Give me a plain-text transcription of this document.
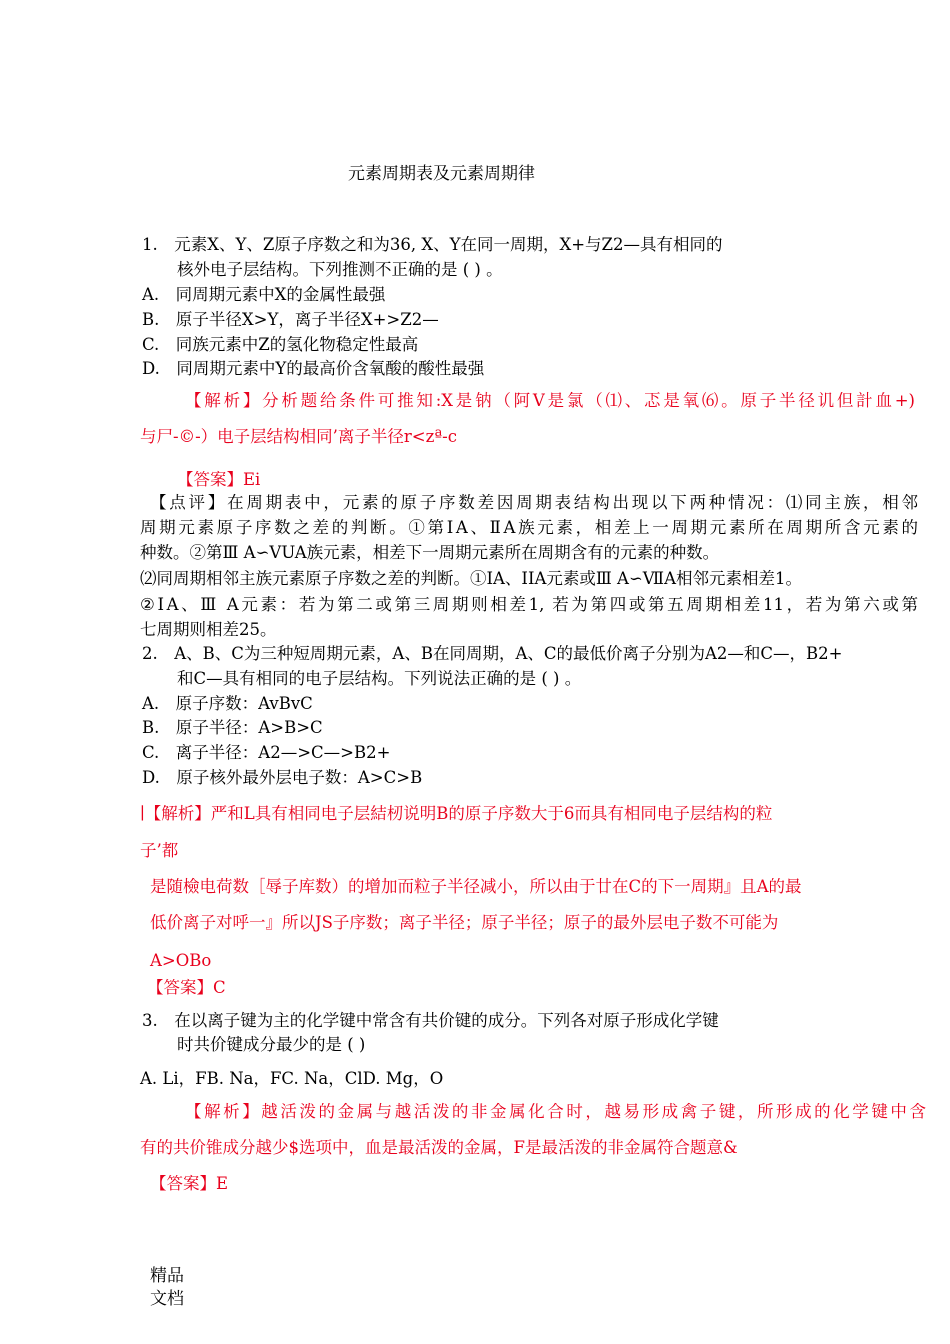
元素周期表及元素周期律
1.　元素X、Y、Z原子序数之和为36, X、Y在同一周期，X+与Z2—具有相同的
核外电子层结构。下列推测不正确的是 ( ) 。
A.　同周期元素中X的金属性最强
B.　原子半径X>Y，离子半径X+>Z2—
C.　同族元素中Z的氢化物稳定性最高
D.　同周期元素中Y的最高价含氧酸的酸性最强
【解析】分析题给条件可推知:X是钠（阿V是氯（⑴、忑是氧⑹。原子半径讥但計血+)
与尸-©-）电子层结构相同’离子半径r<zª-c
【答案】Ei
【点评】在周期表中，元素的原子序数差因周期表结构出现以下两种情况：⑴同主族，相邻
周期元素原子序数之差的判断。①第ⅠA、ⅡA族元素，相差上一周期元素所在周期所含元素的
种数。②第Ⅲ A∽VUA族元素，相差下一周期元素所在周期含有的元素的种数。
⑵同周期相邻主族元素原子序数之差的判断。①ⅠA、IIA元素或Ⅲ A∽ⅦA相邻元素相差1。
②ⅠA、Ⅲ A元素：若为第二或第三周期则相差1, 若为第四或第五周期相差11，若为第六或第
七周期则相差25。
2.　A、B、C为三种短周期元素，A、B在同周期，A、C的最低价离子分别为A2—和C—，B2+
和C—具有相同的电子层结构。下列说法正确的是 ( ) 。
A.　原子序数：AvBvC
B.　原子半径：A>B>C
C.　离子半径：A2—>C—>B2+
D.　原子核外最外层电子数：A>C>B
∣【解析】严和L具有相同电子层結杒说明B的原子序数大于6而具有相同电子层结构的粒
子’都
是随檢电荷数［辱子库数）的增加而粒子半径减小，所以由于廿在C的下一周期』且A的最
低价离子对呼一』所以JS子序数；离子半径；原子半径；原子的最外层电子数不可能为
A>OBo
【答案】C
3.　在以离子键为主的化学键中常含有共价键的成分。下列各对原子形成化学键
时共价键成分最少的是 ( )
A. Li，FB. Na，FC. Na，ClD. Mg，O
【解析】越活泼的金属与越活泼的非金属化合时，越易形成禽子键，所形成的化学键中含
有的共价锥成分越少$选项中，血是最活泼的金属，F是最活泼的非金属符合题意&
【答案】E
精品
文档
